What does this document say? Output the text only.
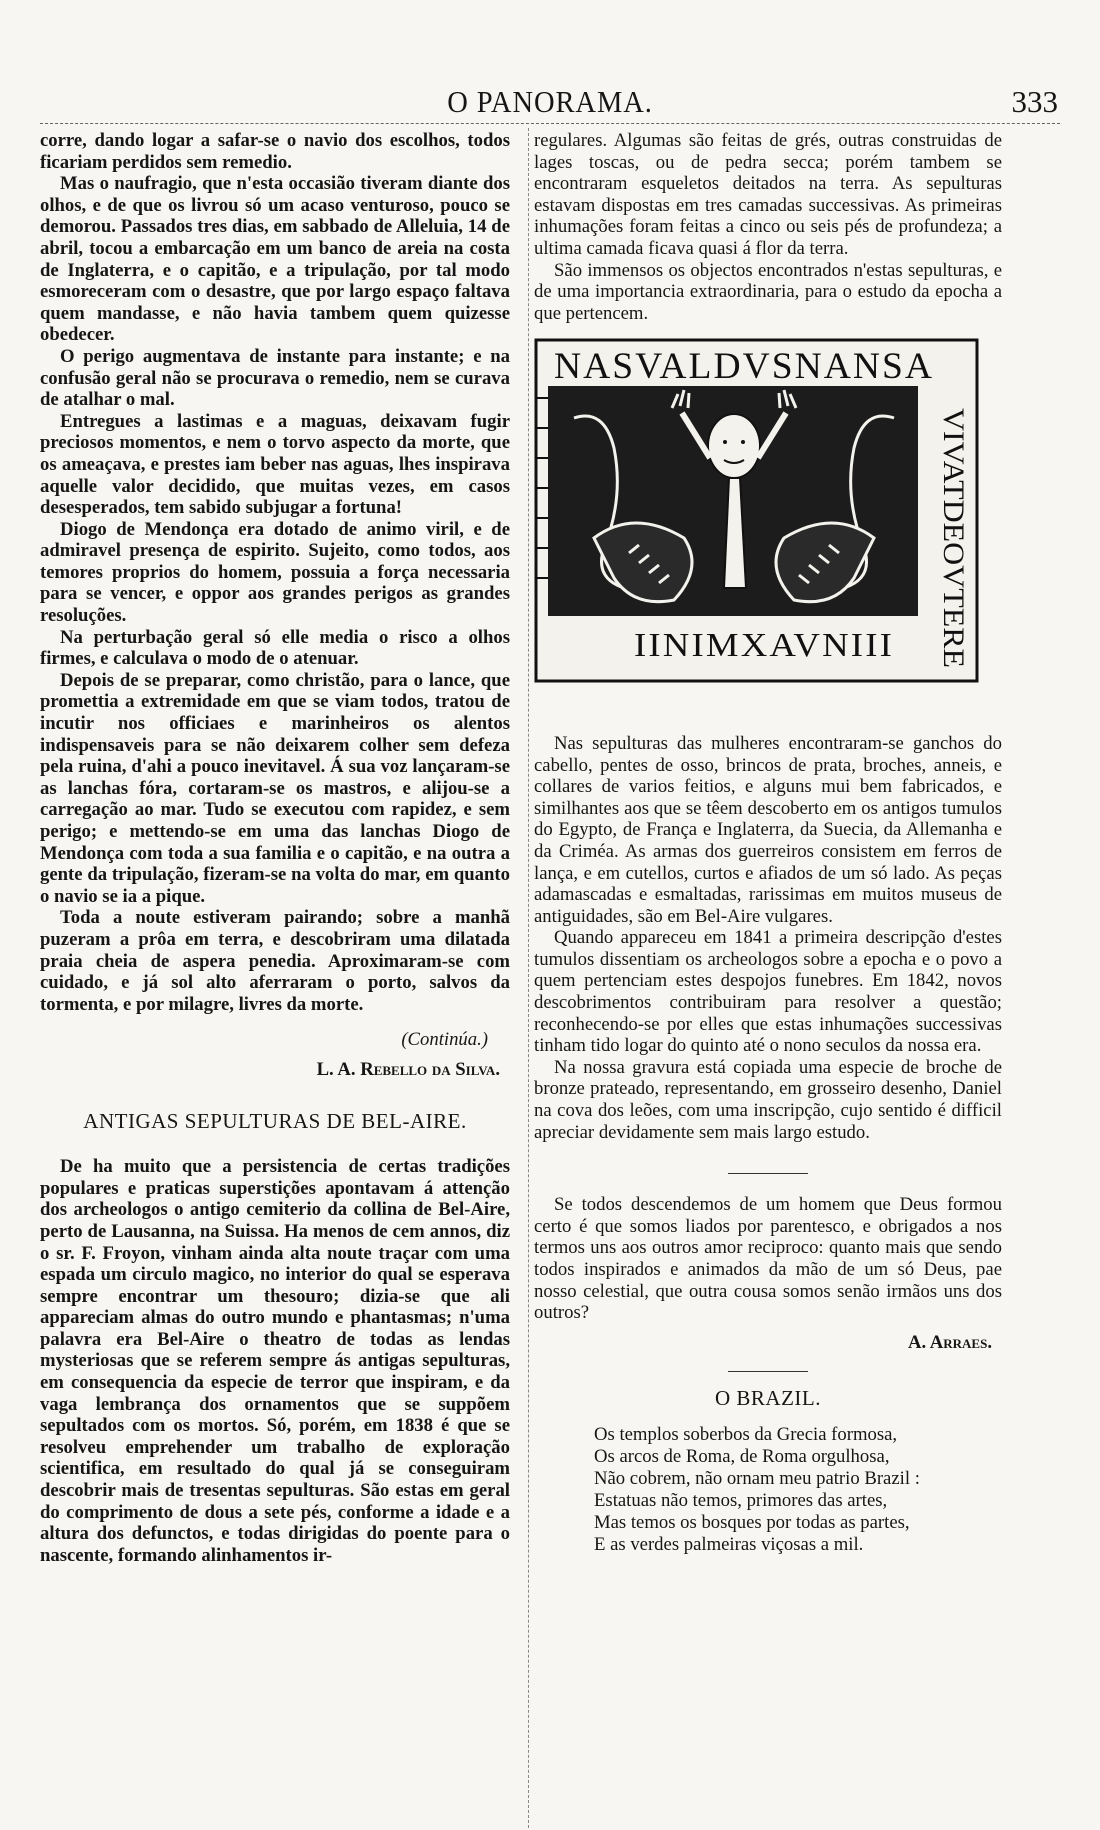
O PANORAMA.	333

corre, dando logar a safar-se o navio dos escolhos, todos ficariam perdidos sem remedio.

Mas o naufragio, que n'esta occasião tiveram diante dos olhos, e de que os livrou só um acaso venturoso, pouco se demorou. Passados tres dias, em sabbado de Alleluia, 14 de abril, tocou a embarcação em um banco de areia na costa de Inglaterra, e o capitão, e a tripulação, por tal modo esmoreceram com o desastre, que por largo espaço faltava quem mandasse, e não havia tambem quem quizesse obedecer.

O perigo augmentava de instante para instante; e na confusão geral não se procurava o remedio, nem se curava de atalhar o mal.

Entregues a lastimas e a maguas, deixavam fugir preciosos momentos, e nem o torvo aspecto da morte, que os ameaçava, e prestes iam beber nas aguas, lhes inspirava aquelle valor decidido, que muitas vezes, em casos desesperados, tem sabido subjugar a fortuna!

Diogo de Mendonça era dotado de animo viril, e de admiravel presença de espirito. Sujeito, como todos, aos temores proprios do homem, possuia a força necessaria para se vencer, e oppor aos grandes perigos as grandes resoluções.

Na perturbação geral só elle media o risco a olhos firmes, e calculava o modo de o atenuar.

Depois de se preparar, como christão, para o lance, que promettia a extremidade em que se viam todos, tratou de incutir nos officiaes e marinheiros os alentos indispensaveis para se não deixarem colher sem defeza pela ruina, d'ahi a pouco inevitavel. Á sua voz lançaram-se as lanchas fóra, cortaram-se os mastros, e alijou-se a carregação ao mar. Tudo se executou com rapidez, e sem perigo; e mettendo-se em uma das lanchas Diogo de Mendonça com toda a sua familia e o capitão, e na outra a gente da tripulação, fizeram-se na volta do mar, em quanto o navio se ia a pique.

Toda a noute estiveram pairando; sobre a manhã puzeram a prôa em terra, e descobriram uma dilatada praia cheia de aspera penedia. Aproximaram-se com cuidado, e já sol alto aferraram o porto, salvos da tormenta, e por milagre, livres da morte.

(Continúa.)
L. A. Rebello da Silva.
ANTIGAS SEPULTURAS DE BEL-AIRE.

De ha muito que a persistencia de certas tradições populares e praticas superstições apontavam á attenção dos archeologos o antigo cemiterio da collina de Bel-Aire, perto de Lausanna, na Suissa. Ha menos de cem annos, diz o sr. F. Froyon, vinham ainda alta noute traçar com uma espada um circulo magico, no interior do qual se esperava sempre encontrar um thesouro; dizia-se que ali appareciam almas do outro mundo e phantasmas; n'uma palavra era Bel-Aire o theatro de todas as lendas mysteriosas que se referem sempre ás antigas sepulturas, em consequencia da especie de terror que inspiram, e da vaga lembrança dos ornamentos que se suppõem sepultados com os mortos. Só, porém, em 1838 é que se resolveu emprehender um trabalho de exploração scientifica, em resultado do qual já se conseguiram descobrir mais de tresentas sepulturas. São estas em geral do comprimento de dous a sete pés, conforme a idade e a altura dos defunctos, e todas dirigidas do poente para o nascente, formando alinhamentos ir-

regulares. Algumas são feitas de grés, outras construidas de lages toscas, ou de pedra secca; porém tambem se encontraram esqueletos deitados na terra. As sepulturas estavam dispostas em tres camadas successivas. As primeiras inhumações foram feitas a cinco ou seis pés de profundeza; a ultima camada ficava quasi á flor da terra.

São immensos os objectos encontrados n'estas sepulturas, e de uma importancia extraordinaria, para o estudo da epocha a que pertencem.

NASVALDVSNANSA
VIVATDEOVTERE
IINIMXAVNIII

Nas sepulturas das mulheres encontraram-se ganchos do cabello, pentes de osso, brincos de prata, broches, anneis, e collares de varios feitios, e alguns mui bem fabricados, e similhantes aos que se têem descoberto em os antigos tumulos do Egypto, de França e Inglaterra, da Suecia, da Allemanha e da Criméa. As armas dos guerreiros consistem em ferros de lança, e em cutellos, curtos e afiados de um só lado. As peças adamascadas e esmaltadas, rarissimas em muitos museus de antiguidades, são em Bel-Aire vulgares.

Quando appareceu em 1841 a primeira descripção d'estes tumulos dissentiam os archeologos sobre a epocha e o povo a quem pertenciam estes despojos funebres. Em 1842, novos descobrimentos contribuiram para resolver a questão; reconhecendo-se por elles que estas inhumações successivas tinham tido logar do quinto até o nono seculos da nossa era.

Na nossa gravura está copiada uma especie de broche de bronze prateado, representando, em grosseiro desenho, Daniel na cova dos leões, com uma inscripção, cujo sentido é difficil apreciar devidamente sem mais largo estudo.

Se todos descendemos de um homem que Deus formou certo é que somos liados por parentesco, e obrigados a nos termos uns aos outros amor reciproco: quanto mais que sendo todos inspirados e animados da mão de um só Deus, pae nosso celestial, que outra cousa somos senão irmãos uns dos outros?

A. Arraes.
O BRAZIL.
Os templos soberbos da Grecia formosa,
Os arcos de Roma, de Roma orgulhosa,
Não cobrem, não ornam meu patrio Brazil :
Estatuas não temos, primores das artes,
Mas temos os bosques por todas as partes,
E as verdes palmeiras viçosas a mil.
